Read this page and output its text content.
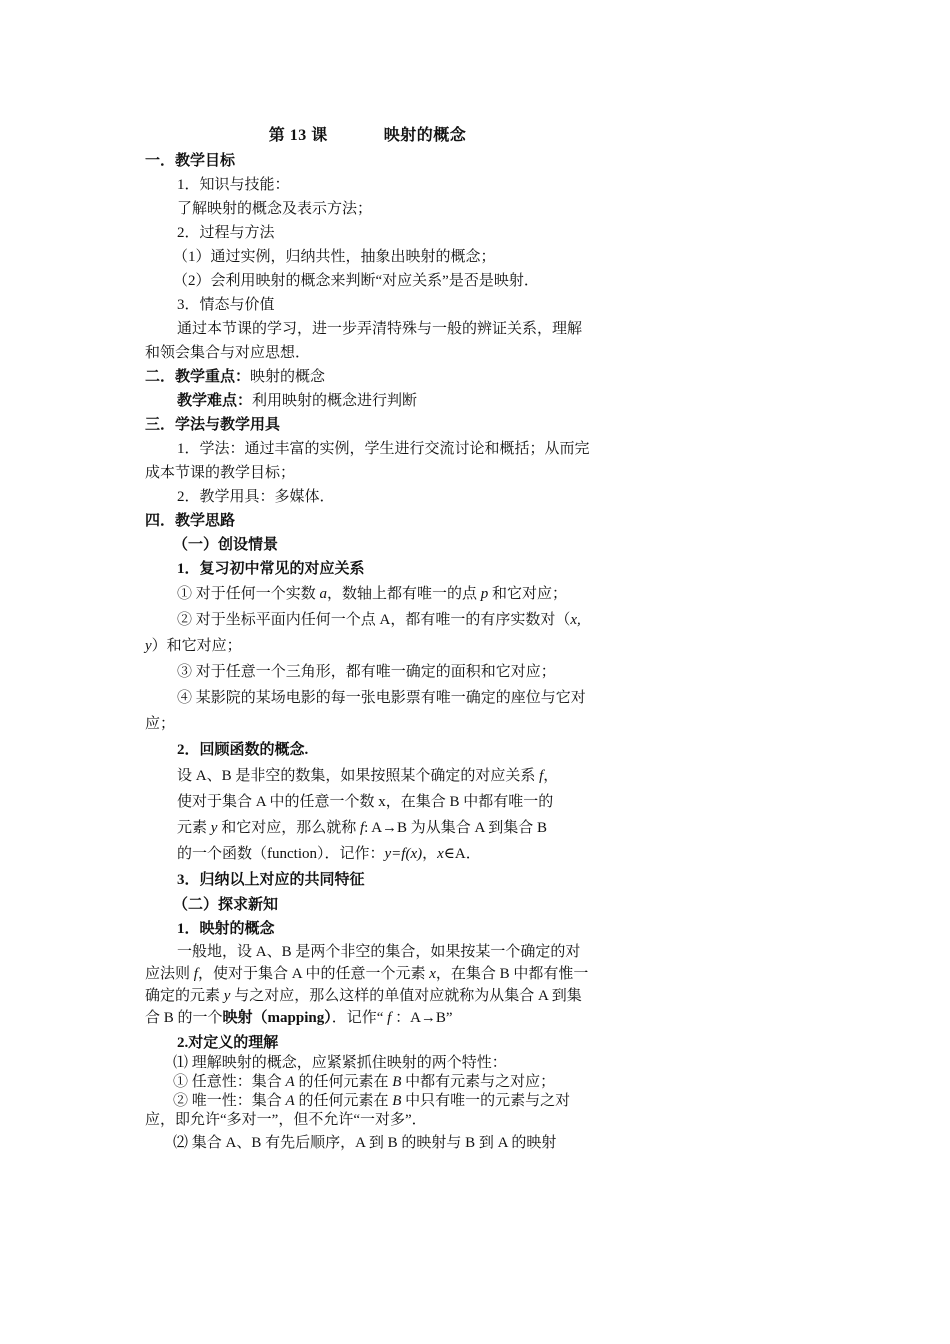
第 13 课	映射的概念

一．教学目标

1．知识与技能：

了解映射的概念及表示方法；

2．过程与方法

（1）通过实例，归纳共性，抽象出映射的概念；

（2）会利用映射的概念来判断“对应关系”是否是映射．

3．情态与价值

通过本节课的学习，进一步弄清特殊与一般的辨证关系，理解和领会集合与对应思想．

二．教学重点：映射的概念

教学难点：利用映射的概念进行判断

三．学法与教学用具

1．学法：通过丰富的实例，学生进行交流讨论和概括；从而完成本节课的教学目标；

2．教学用具：多媒体．

四．教学思路

（一）创设情景

1．复习初中常见的对应关系

① 对于任何一个实数 a，数轴上都有唯一的点 p 和它对应；

② 对于坐标平面内任何一个点 A，都有唯一的有序实数对（x, y）和它对应；

③ 对于任意一个三角形，都有唯一确定的面积和它对应；

④ 某影院的某场电影的每一张电影票有唯一确定的座位与它对应；

2．回顾函数的概念.

设 A、B 是非空的数集，如果按照某个确定的对应关系 f，

使对于集合 A 中的任意一个数 x，在集合 B 中都有唯一的

元素 y 和它对应，那么就称 f: A→B 为从集合 A 到集合 B

的一个函数（function）．记作：y=f(x)，x∈A．

3．归纳以上对应的共同特征

（二）探求新知

1．映射的概念

一般地，设 A、B 是两个非空的集合，如果按某一个确定的对应法则 f，使对于集合 A 中的任意一个元素 x，在集合 B 中都有惟一确定的元素 y 与之对应，那么这样的单值对应就称为从集合 A 到集合 B 的一个映射（mapping）．记作“ f ：A→B”

2.对定义的理解

⑴ 理解映射的概念，应紧紧抓住映射的两个特性：

① 任意性：集合 A 的任何元素在 B 中都有元素与之对应；

② 唯一性：集合 A 的任何元素在 B 中只有唯一的元素与之对应，即允许“多对一”，但不允许“一对多”．

⑵ 集合 A、B 有先后顺序，A 到 B 的映射与 B 到 A 的映射
